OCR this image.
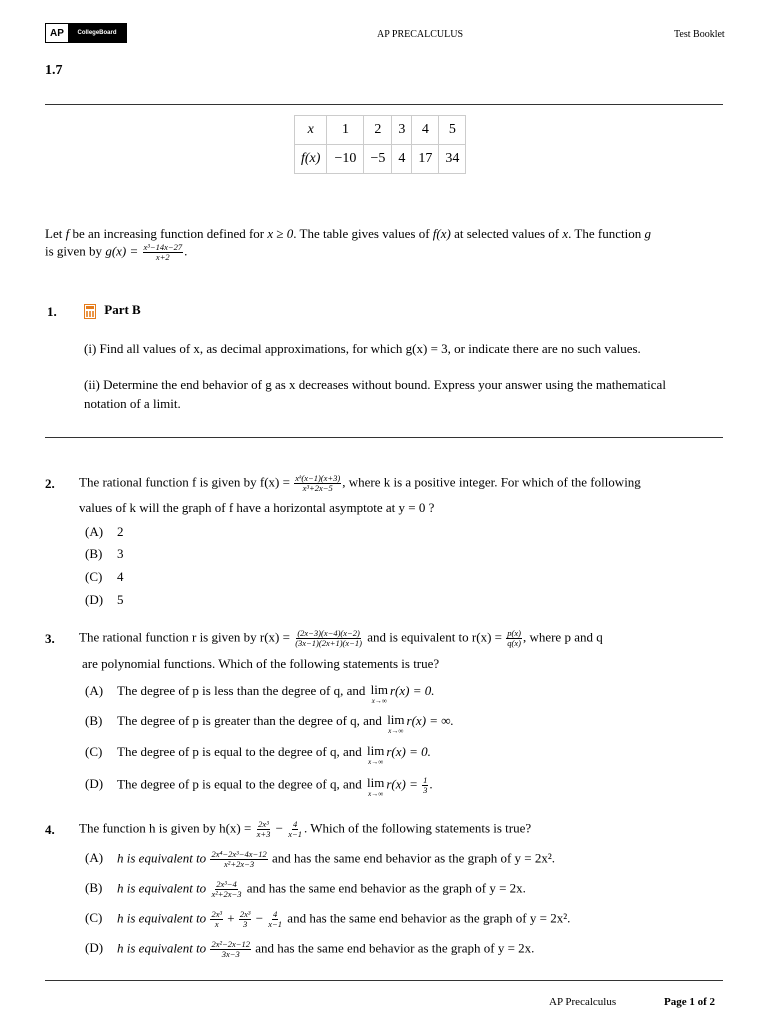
AP	CollegeBoard	AP PRECALCULUS	Test Booklet
1.7
x	1	2	3	4	5
f(x)	−10	−5	4	17	34
Let f be an increasing function defined for x ≥ 0. The table gives values of f(x) at selected values of x. The function g
is given by $g(x) = \frac{\text{x³−14x−27}}{x+2}$ .
1.	Part B
(i) Find all values of x, as decimal approximations, for which g(x) = 3, or indicate there are no such values.
(ii) Determine the end behavior of g as x decreases without bound. Express your answer using the mathematical
notation of a limit.
2. The rational function f is given by $f(x) = \frac{\text{xᵏ(x−1)(x+3)}}{\text{x³+2x−5}}$ , where k is a positive integer. For which of the following
values of k will the graph of f have a horizontal asymptote at y = 0 ?
(A) 2
(B) 3
(C) 4
(D) 5
3. The rational function r is given by $r(x) = \frac{(2x-3)(x-4)(x-2)}{(3x-1)(2x+1)(x-1)}$ and is equivalent to $r(x) = \frac{p(x)}{q(x)}$ , where p and q
are polynomial functions. Which of the following statements is true?
(A) The degree of p is less than the degree of q, and lim
x→∞
r(x) = 0.
(B) The degree of p is greater than the degree of q, and lim
x→∞
r(x) = ∞.
(C) The degree of p is equal to the degree of q, and lim
x→∞
r(x) = 0.
(D) The degree of p is equal to the degree of q, and lim
x→∞
$r(x) = \frac{1}{3}$ .
4. The function h is given by $h(x) = \frac{\text{2x³}}{x+3} - \frac{4}{x-1}$ . Which of the following statements is true?
(A) h is equivalent to $\frac{\text{2x⁴−2x³−4x−12}}{\text{x²+2x−3}}$ and has the same end behavior as the graph of y = 2x².
(B) h is equivalent to $\frac{\text{2x³−4}}{\text{x²+2x−3}}$ and has the same end behavior as the graph of y = 2x.
(C) h is equivalent to $\frac{\text{2x³}}{x} + \frac{\text{2x³}}{3} - \frac{4}{x-1}$ and has the same end behavior as the graph of y = 2x².
(D) h is equivalent to $\frac{\text{2x²−2x−12}}{3x-3}$ and has the same end behavior as the graph of y = 2x.
AP Precalculus	Page 1 of 2
